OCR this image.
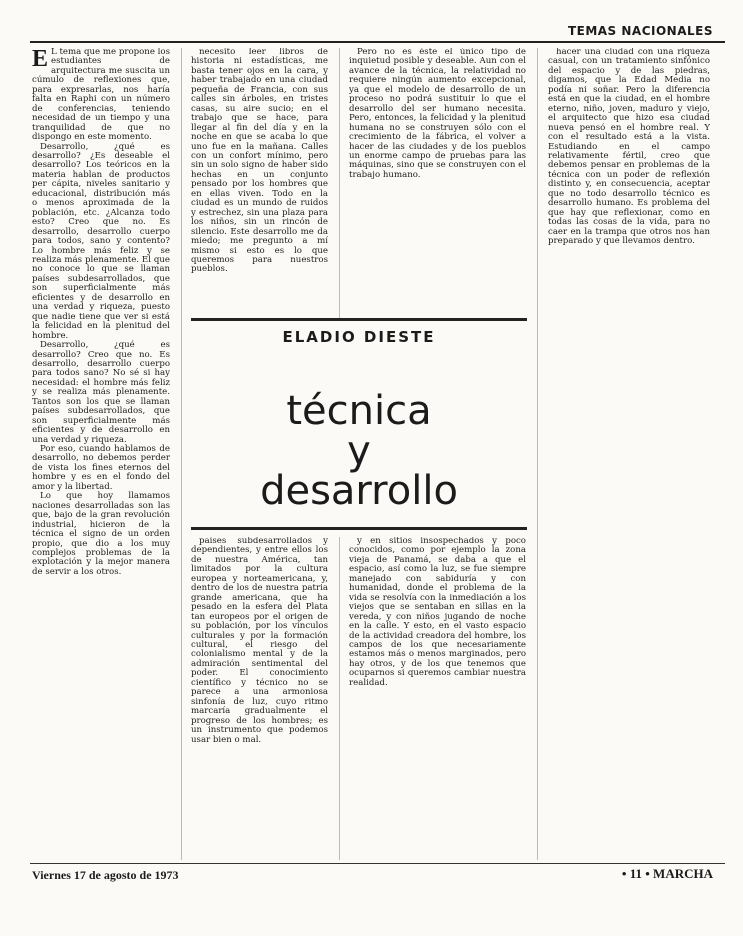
TEMAS NACIONALES

E L tema que me propone los estudiantes de arquitectura me suscita un cúmulo de reflexiones que, para expresarlas, nos haría falta en Raphi con un número de conferencias, teniendo necesidad de un tiempo y una tranquilidad de que no dispongo en este momento.

Desarrollo, ¿qué es desarrollo? ¿Es deseable el desarrollo? Los teóricos en la materia hablan de productos per cápita, niveles sanitario y educacional, distribución más o menos aproximada de la población, etc. ¿Alcanza todo esto? Creo que no. Es desarrollo, desarrollo cuerpo para todos, sano y contento? Lo hombre más feliz y se realiza más plenamente. El que no conoce lo que se llaman países subdesarrollados, que son superficialmente más eficientes y de desarrollo en una verdad y riqueza, puesto que nadie tiene que ver si está la felicidad en la plenitud del hombre.

Desarrollo, ¿qué es desarrollo? Creo que no. Es desarrollo, desarrollo cuerpo para todos sano? No sé si hay necesidad: el hombre más feliz y se realiza más plenamente. Tantos son los que se llaman países subdesarrollados, que son superficialmente más eficientes y de desarrollo en una verdad y riqueza.

Por eso, cuando hablamos de desarrollo, no debemos perder de vista los fines eternos del hombre y es en el fondo del amor y la libertad.

Lo que hoy llamamos naciones desarrolladas son las que, bajo de la gran revolución industrial, hicieron de la técnica el signo de un orden propio, que dio a los muy complejos problemas de la explotación y la mejor manera de servir a los otros.

necesito leer libros de historia ni estadísticas, me basta tener ojos en la cara, y haber trabajado en una ciudad pequeña de Francia, con sus calles sin árboles, en tristes casas, su aire sucio; en el trabajo que se hace, para llegar al fin del día y en la noche en que se acaba lo que uno fue en la mañana. Calles con un confort mínimo, pero sin un solo signo de haber sido hechas en un conjunto pensado por los hombres que en ellas viven. Todo en la ciudad es un mundo de ruidos y estrechez, sin una plaza para los niños, sin un rincón de silencio. Este desarrollo me da miedo; me pregunto a mí mismo si esto es lo que queremos para nuestros pueblos.

Pero no es éste el único tipo de inquietud posible y deseable. Aun con el avance de la técnica, la relatividad no requiere ningún aumento excepcional, ya que el modelo de desarrollo de un proceso no podrá sustituir lo que el desarrollo del ser humano necesita. Pero, entonces, la felicidad y la plenitud humana no se construyen sólo con el crecimiento de la fábrica, el volver a hacer de las ciudades y de los pueblos un enorme campo de pruebas para las máquinas, sino que se construyen con el trabajo humano.

hacer una ciudad con una riqueza casual, con un tratamiento sinfónico del espacio y de las piedras, digamos, que la Edad Media no podía ni soñar. Pero la diferencia está en que la ciudad, en el hombre eterno, niño, joven, maduro y viejo, el arquitecto que hizo esa ciudad nueva pensó en el hombre real. Y con el resultado está a la vista. Estudiando en el campo relativamente fértil, creo que debemos pensar en problemas de la técnica con un poder de reflexión distinto y, en consecuencia, aceptar que no todo desarrollo técnico es desarrollo humano. Es problema del que hay que reflexionar, como en todas las cosas de la vida, para no caer en la trampa que otros nos han preparado y que llevamos dentro.

ELADIO DIESTE
técnica
y
desarrollo

países subdesarrollados y dependientes, y entre ellos los de nuestra América, tan limitados por la cultura europea y norteamericana, y, dentro de los de nuestra patria grande americana, que ha pesado en la esfera del Plata tan europeos por el origen de su población, por los vínculos culturales y por la formación cultural, el riesgo del colonialismo mental y de la admiración sentimental del poder. El conocimiento científico y técnico no se parece a una armoniosa sinfonía de luz, cuyo ritmo marcaría gradualmente el progreso de los hombres; es un instrumento que podemos usar bien o mal.

y en sitios insospechados y poco conocidos, como por ejemplo la zona vieja de Panamá, se daba a que el espacio, así como la luz, se fue siempre manejado con sabiduría y con humanidad, donde el problema de la vida se resolvía con la inmediación a los viejos que se sentaban en sillas en la vereda, y con niños jugando de noche en la calle. Y esto, en el vasto espacio de la actividad creadora del hombre, los campos de los que necesariamente estamos más o menos marginados, pero hay otros, y de los que tenemos que ocuparnos si queremos cambiar nuestra realidad.

Viernes 17 de agosto de 1973	• 11 • MARCHA
